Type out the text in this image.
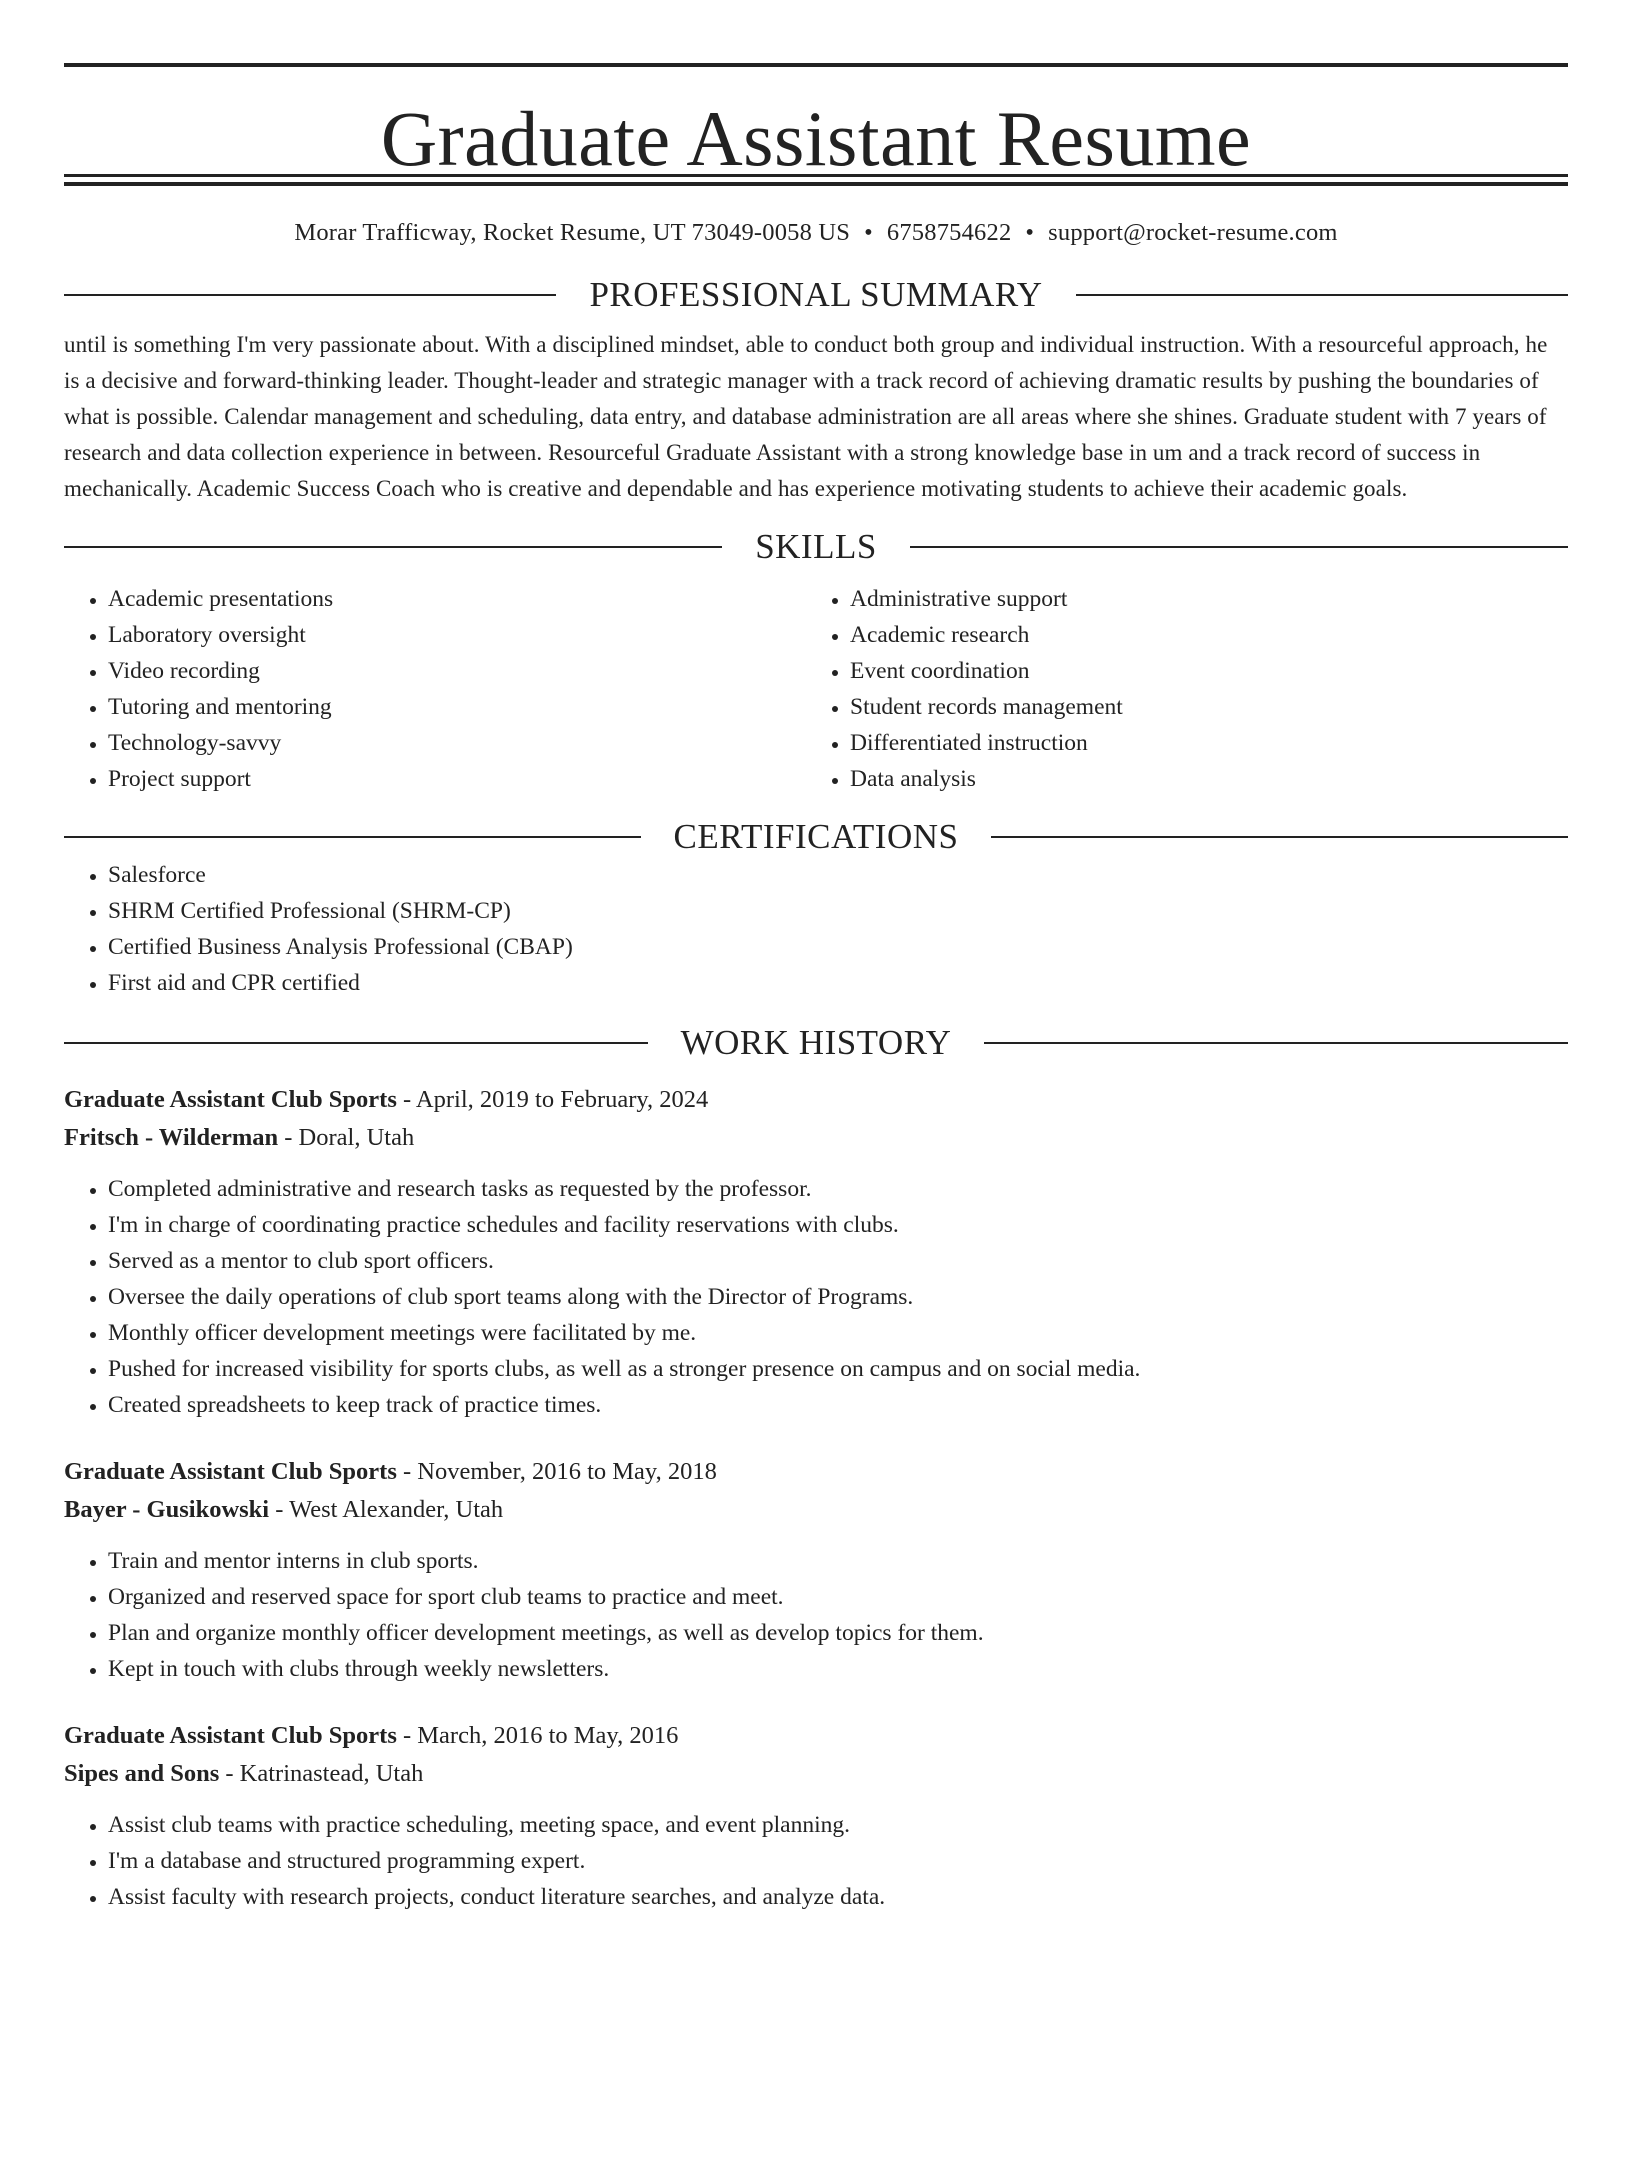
Graduate Assistant Resume
Morar Trafficway, Rocket Resume, UT 73049-0058 US • 6758754622 • support@rocket-resume.com
PROFESSIONAL SUMMARY
until is something I'm very passionate about. With a disciplined mindset, able to conduct both group and individual instruction. With a resourceful approach, he is a decisive and forward-thinking leader. Thought-leader and strategic manager with a track record of achieving dramatic results by pushing the boundaries of what is possible. Calendar management and scheduling, data entry, and database administration are all areas where she shines. Graduate student with 7 years of research and data collection experience in between. Resourceful Graduate Assistant with a strong knowledge base in um and a track record of success in mechanically. Academic Success Coach who is creative and dependable and has experience motivating students to achieve their academic goals.
SKILLS
• Academic presentations
• Laboratory oversight
• Video recording
• Tutoring and mentoring
• Technology-savvy
• Project support
• Administrative support
• Academic research
• Event coordination
• Student records management
• Differentiated instruction
• Data analysis
CERTIFICATIONS
• Salesforce
• SHRM Certified Professional (SHRM-CP)
• Certified Business Analysis Professional (CBAP)
• First aid and CPR certified
WORK HISTORY
Graduate Assistant Club Sports - April, 2019 to February, 2024
Fritsch - Wilderman - Doral, Utah
• Completed administrative and research tasks as requested by the professor.
• I'm in charge of coordinating practice schedules and facility reservations with clubs.
• Served as a mentor to club sport officers.
• Oversee the daily operations of club sport teams along with the Director of Programs.
• Monthly officer development meetings were facilitated by me.
• Pushed for increased visibility for sports clubs, as well as a stronger presence on campus and on social media.
• Created spreadsheets to keep track of practice times.
Graduate Assistant Club Sports - November, 2016 to May, 2018
Bayer - Gusikowski - West Alexander, Utah
• Train and mentor interns in club sports.
• Organized and reserved space for sport club teams to practice and meet.
• Plan and organize monthly officer development meetings, as well as develop topics for them.
• Kept in touch with clubs through weekly newsletters.
Graduate Assistant Club Sports - March, 2016 to May, 2016
Sipes and Sons - Katrinastead, Utah
• Assist club teams with practice scheduling, meeting space, and event planning.
• I'm a database and structured programming expert.
• Assist faculty with research projects, conduct literature searches, and analyze data.
